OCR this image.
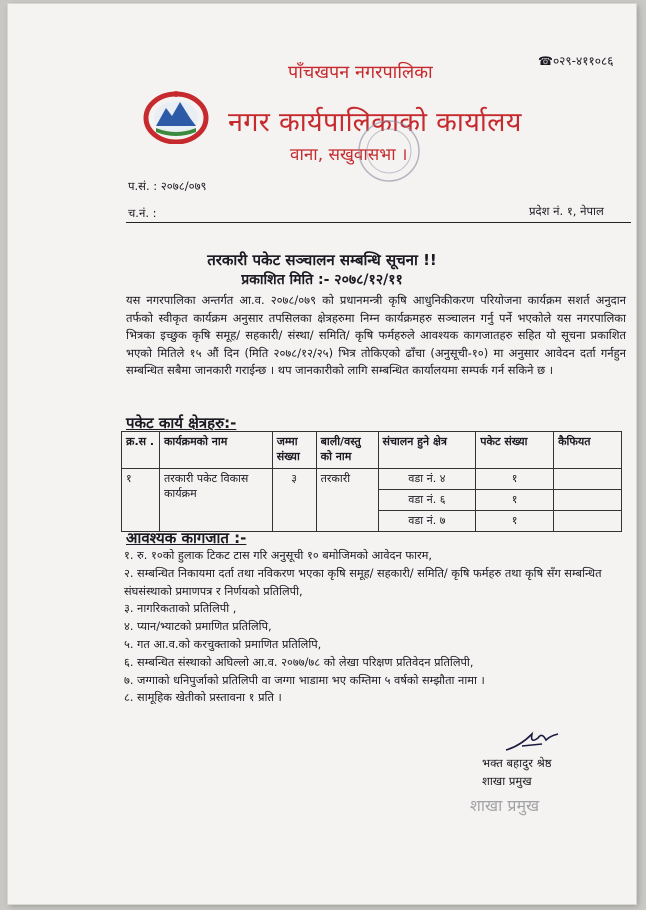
☎०२९-४११०८६
पाँचखपन नगरपालिका
नगर कार्यपालिकाको कार्यालय
वाना, सखुवासभा ।
प.सं. : २०७८/०७९
च.नं. :	प्रदेश नं. १, नेपाल
तरकारी पकेट सञ्चालन सम्बन्धि सूचना !!
प्रकाशित मिति :- २०७८/१२/११
यस नगरपालिका अन्तर्गत आ.व. २०७८/०७९ को प्रधानमन्त्री कृषि आधुनिकीकरण परियोजना कार्यक्रम सशर्त अनुदान तर्फको स्वीकृत कार्यक्रम अनुसार तपसिलका क्षेत्रहरुमा निम्न कार्यक्रमहरु सञ्चालन गर्नु पर्ने भएकोले यस नगरपालिका भित्रका इच्छुक कृषि समूह/ सहकारी/ संस्था/ समिति/ कृषि फर्महरुले आवश्यक कागजातहरु सहित यो सूचना प्रकाशित भएको मितिले १५ औं दिन (मिति २०७८/१२/२५) भित्र तोकिएको ढाँचा (अनुसूची-१०) मा अनुसार आवेदन दर्ता गर्नहुन सम्बन्धित सबैमा जानकारी गराईन्छ । थप जानकारीको लागि सम्बन्धित कार्यालयमा सम्पर्क गर्न सकिने छ ।
पकेट कार्य क्षेत्रहरु:-
क्र.स .	कार्यक्रमको नाम	जम्मा संख्या	बाली/वस्तु को नाम	संचालन हुने क्षेत्र	पकेट संख्या	कैफियत
१	तरकारी पकेट विकास कार्यक्रम	३	तरकारी	वडा नं. ४	१	
				वडा नं. ६	१	
				वडा नं. ७	१	
आवश्यक कागजात :-
१. रु. १०को हुलाक टिकट टास गरि अनुसूची १० बमोजिमको आवेदन फारम,
२. सम्बन्धित निकायमा दर्ता तथा नविकरण भएका कृषि समूह/ सहकारी/ समिति/ कृषि फर्महरु तथा कृषि सँग सम्बन्धित संघसंस्थाको प्रमाणपत्र र निर्णयको प्रतिलिपी,
३. नागरिकताको प्रतिलिपी ,
४. प्यान/भ्याटको प्रमाणित प्रतिलिपि,
५. गत आ.व.को करचुक्ताको प्रमाणित प्रतिलिपि,
६. सम्बन्धित संस्थाको अघिल्लो आ.व. २०७७/७८ को लेखा परिक्षण प्रतिवेदन प्रतिलिपी,
७. जग्गाको धनिपुर्जाको प्रतिलिपी वा जग्गा भाडामा भए कम्तिमा ५ वर्षको सम्झौता नामा ।
८. सामूहिक खेतीको प्रस्तावना १ प्रति ।
भक्त बहादुर श्रेष्ठ
शाखा प्रमुख
शाखा प्रमुख
